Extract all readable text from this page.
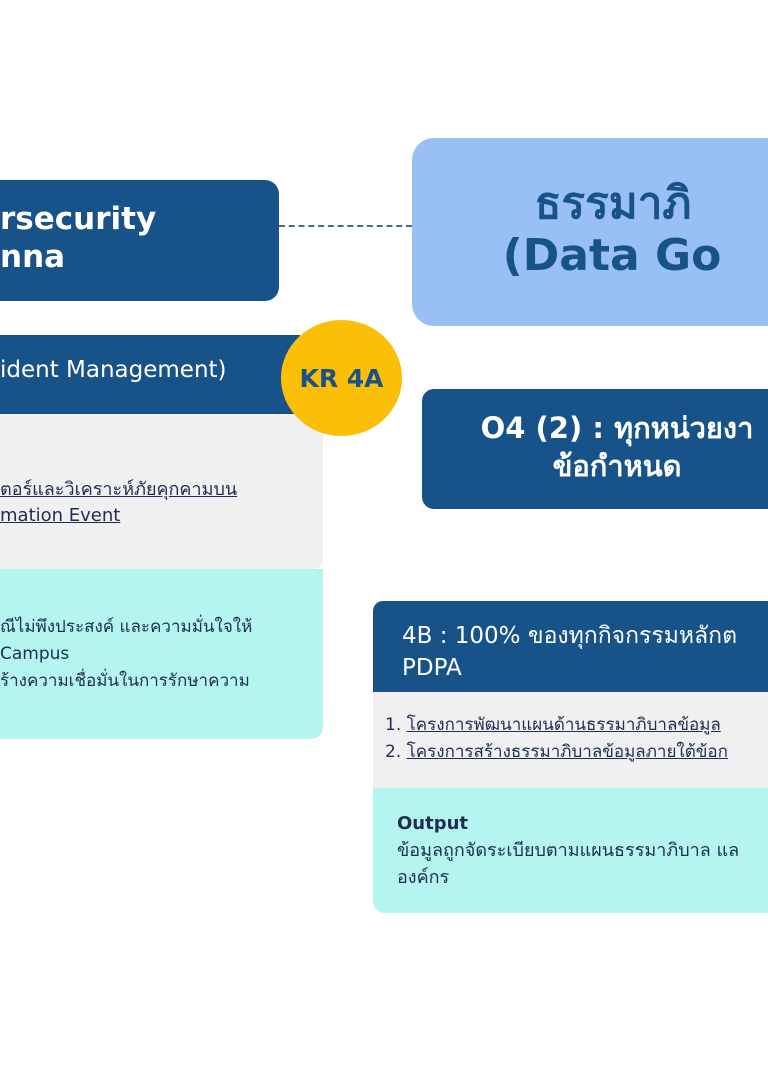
rsecurity
nna
ident Management)
ตอร์และวิเคราะห์ภัยคุกคามบน
mation Event
ณีไม่พึงประสงค์ และความมั่นใจให้
Campus
ร้างความเชื่อมั่นในการรักษาความ
KR 4A
ธรรมาภิ
(Data Go
O4 (2) : ทุกหน่วยงา
ข้อกำหนด
4B : 100% ของทุกกิจกรรมหลักต
PDPA
1. โครงการพัฒนาแผนด้านธรรมาภิบาลข้อมูล
2. โครงการสร้างธรรมาภิบาลข้อมูลภายใต้ข้อก
Output
ข้อมูลถูกจัดระเบียบตามแผนธรรมาภิบาล แล
องค์กร
